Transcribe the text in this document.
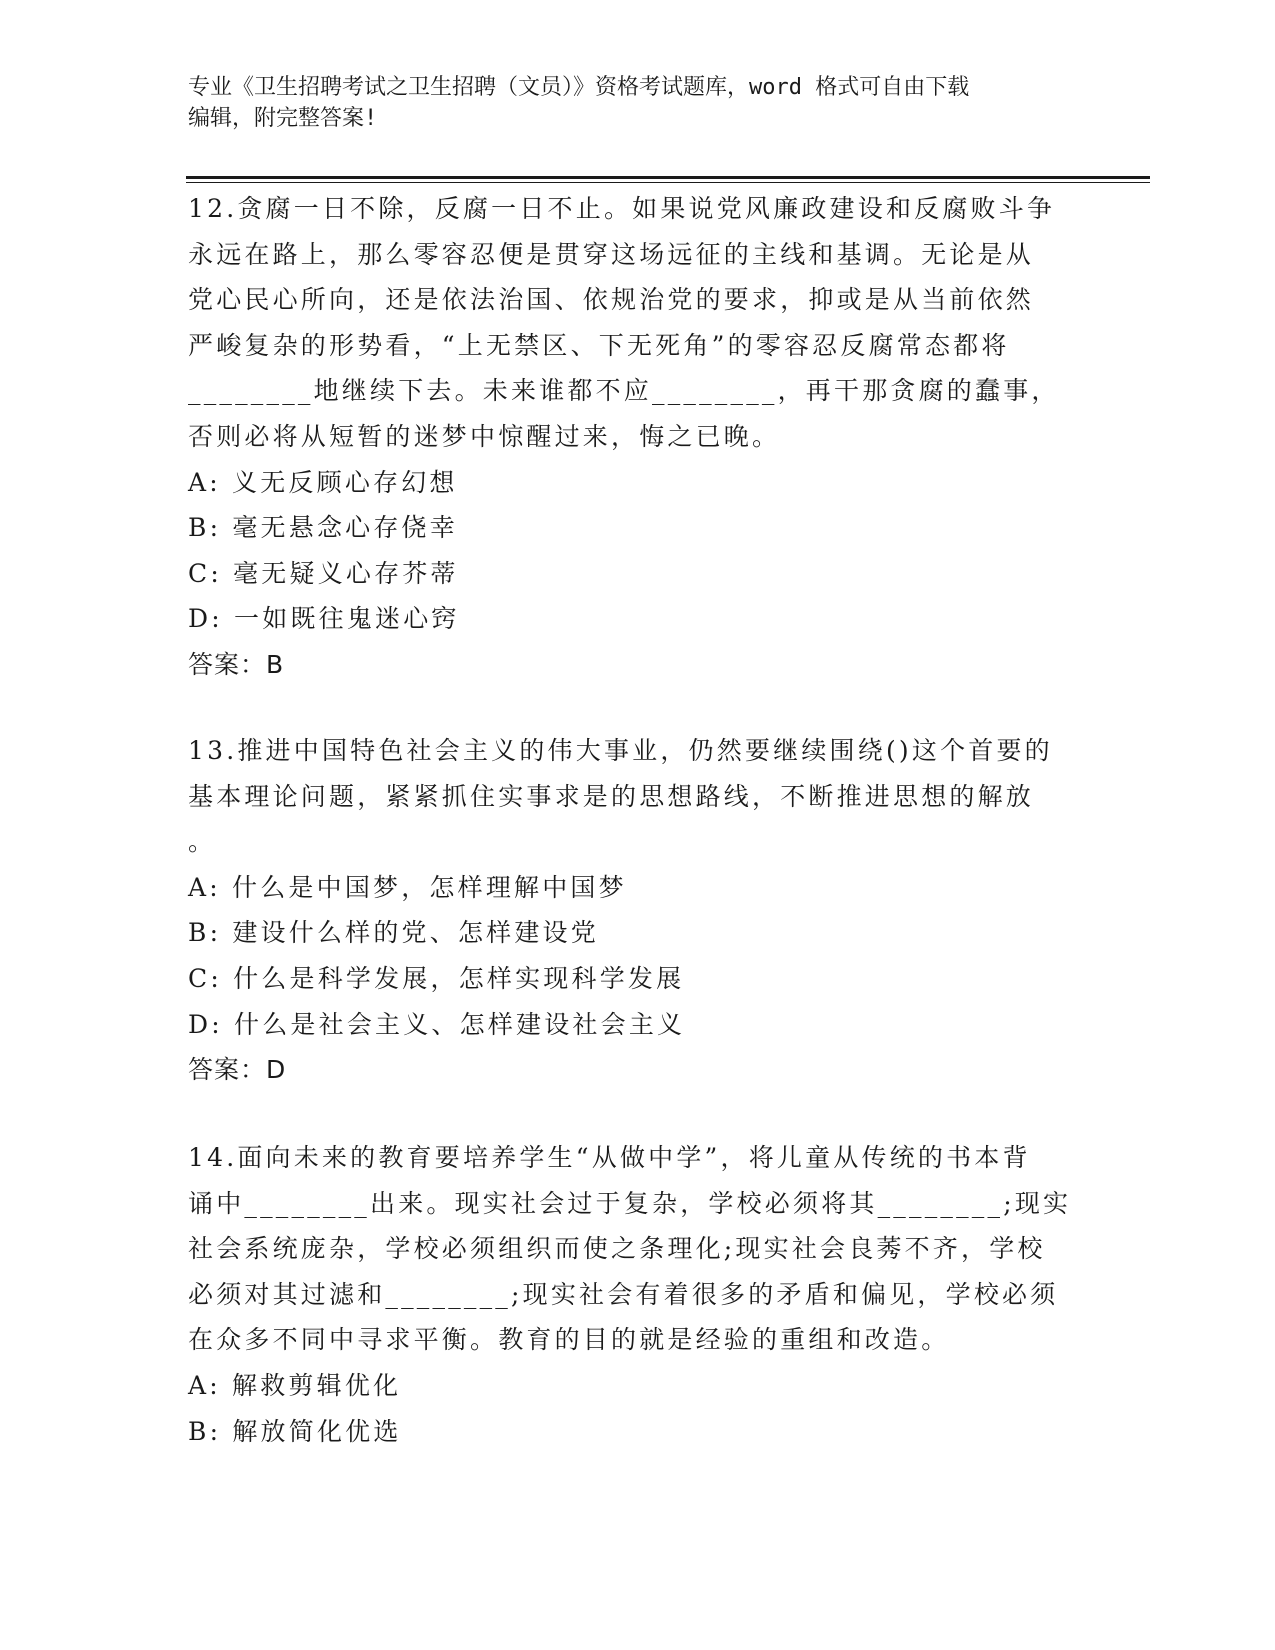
专业《卫生招聘考试之卫生招聘（文员）》资格考试题库，word 格式可自由下载
编辑，附完整答案!
12.贪腐一日不除，反腐一日不止。如果说党风廉政建设和反腐败斗争
永远在路上，那么零容忍便是贯穿这场远征的主线和基调。无论是从
党心民心所向，还是依法治国、依规治党的要求，抑或是从当前依然
严峻复杂的形势看，“上无禁区、下无死角”的零容忍反腐常态都将
________地继续下去。未来谁都不应________，再干那贪腐的蠢事，
否则必将从短暂的迷梦中惊醒过来，悔之已晚。
A: 义无反顾心存幻想
B: 毫无悬念心存侥幸
C: 毫无疑义心存芥蒂
D: 一如既往鬼迷心窍
答案：B
13.推进中国特色社会主义的伟大事业，仍然要继续围绕()这个首要的
基本理论问题，紧紧抓住实事求是的思想路线，不断推进思想的解放
。
A: 什么是中国梦，怎样理解中国梦
B: 建设什么样的党、怎样建设党
C: 什么是科学发展，怎样实现科学发展
D: 什么是社会主义、怎样建设社会主义
答案：D
14.面向未来的教育要培养学生“从做中学”，将儿童从传统的书本背
诵中________出来。现实社会过于复杂，学校必须将其________;现实
社会系统庞杂，学校必须组织而使之条理化;现实社会良莠不齐，学校
必须对其过滤和________;现实社会有着很多的矛盾和偏见，学校必须
在众多不同中寻求平衡。教育的目的就是经验的重组和改造。
A: 解救剪辑优化
B: 解放简化优选
